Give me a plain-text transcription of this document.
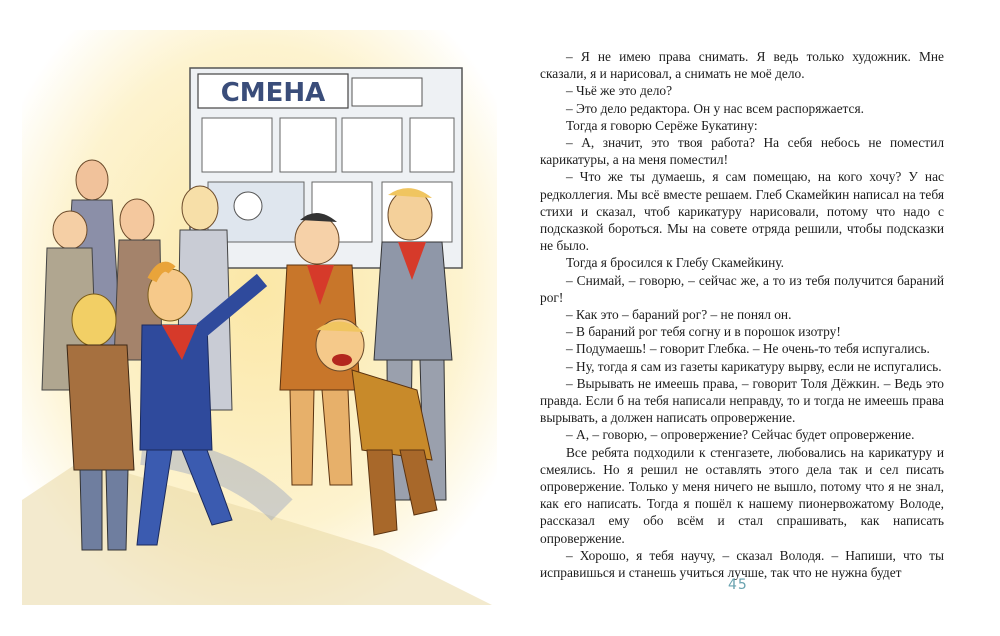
СМЕНА

– Я не имею права снимать. Я ведь только художник. Мне сказали, я и нарисовал, а снимать не моё дело.

– Чьё же это дело?

– Это дело редактора. Он у нас всем распоряжается.

Тогда я говорю Серёже Букатину:

– А, значит, это твоя работа? На себя небось не поместил карикатуры, а на меня поместил!

– Что же ты думаешь, я сам помещаю, на кого хочу? У нас редколлегия. Мы всё вместе решаем. Глеб Скамейкин написал на тебя стихи и сказал, чтоб карикатуру нарисовали, потому что надо с подсказкой бороться. Мы на совете отряда решили, чтобы подсказки не было.

Тогда я бросился к Глебу Скамейкину.

– Снимай, – говорю, – сейчас же, а то из тебя получится бараний рог!

– Как это – бараний рог? – не понял он.

– В бараний рог тебя согну и в порошок изотру!

– Подумаешь! – говорит Глебка. – Не очень-то тебя испугались.

– Ну, тогда я сам из газеты карикатуру вырву, если не испугались.

– Вырывать не имеешь права, – говорит Толя Дёжкин. – Ведь это правда. Если б на тебя написали неправду, то и тогда не имеешь права вырывать, а должен написать опровержение.

– А, – говорю, – опровержение? Сейчас будет опровержение.

Все ребята подходили к стенгазете, любовались на карикатуру и смеялись. Но я решил не оставлять этого дела так и сел писать опровержение. Только у меня ничего не вышло, потому что я не знал, как его написать. Тогда я пошёл к нашему пионервожатому Володе, рассказал ему обо всём и стал спрашивать, как написать опровержение.

– Хорошо, я тебя научу, – сказал Володя. – Напиши, что ты исправишься и станешь учиться лучше, так что не нужна будет

45
